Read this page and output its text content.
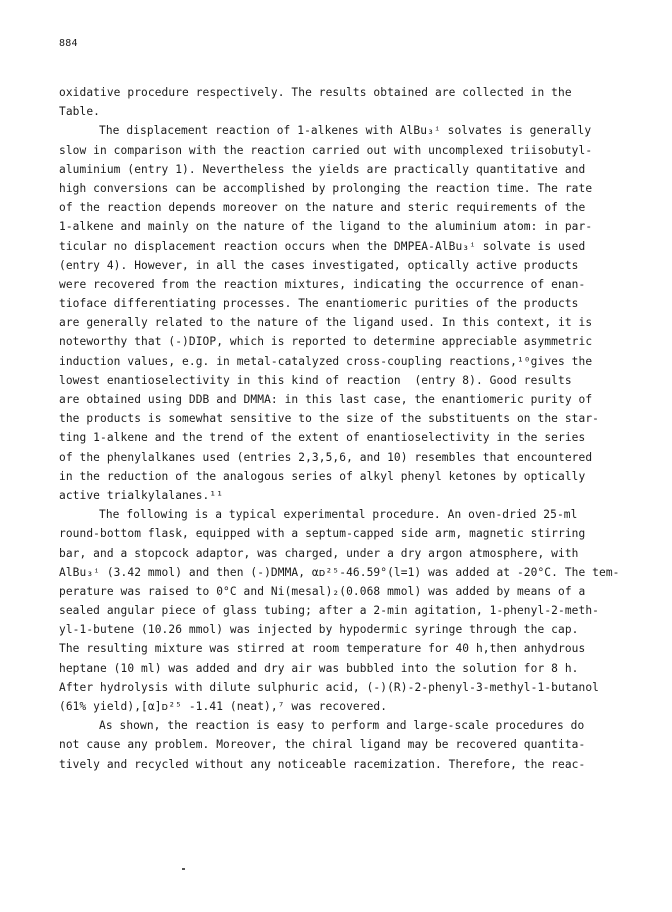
884
oxidative procedure respectively. The results obtained are collected in the
Table.
The displacement reaction of 1-alkenes with AlBu₃ⁱ solvates is generally
slow in comparison with the reaction carried out with uncomplexed triisobutyl-
aluminium (entry 1). Nevertheless the yields are practically quantitative and
high conversions can be accomplished by prolonging the reaction time. The rate
of the reaction depends moreover on the nature and steric requirements of the
1-alkene and mainly on the nature of the ligand to the aluminium atom: in par-
ticular no displacement reaction occurs when the DMPEA-AlBu₃ⁱ solvate is used
(entry 4). However, in all the cases investigated, optically active products
were recovered from the reaction mixtures, indicating the occurrence of enan-
tioface differentiating processes. The enantiomeric purities of the products
are generally related to the nature of the ligand used. In this context, it is
noteworthy that (-)DIOP, which is reported to determine appreciable asymmetric
induction values, e.g. in metal-catalyzed cross-coupling reactions,¹⁰gives the
lowest enantioselectivity in this kind of reaction  (entry 8). Good results
are obtained using DDB and DMMA: in this last case, the enantiomeric purity of
the products is somewhat sensitive to the size of the substituents on the star-
ting 1-alkene and the trend of the extent of enantioselectivity in the series
of the phenylalkanes used (entries 2,3,5,6, and 10) resembles that encountered
in the reduction of the analogous series of alkyl phenyl ketones by optically
active trialkylalanes.¹¹
The following is a typical experimental procedure. An oven-dried 25-ml
round-bottom flask, equipped with a septum-capped side arm, magnetic stirring
bar, and a stopcock adaptor, was charged, under a dry argon atmosphere, with
AlBu₃ⁱ (3.42 mmol) and then (-)DMMA, αᴅ²⁵-46.59°(l=1) was added at -20°C. The tem-
perature was raised to 0°C and Ni(mesal)₂(0.068 mmol) was added by means of a
sealed angular piece of glass tubing; after a 2-min agitation, 1-phenyl-2-meth-
yl-1-butene (10.26 mmol) was injected by hypodermic syringe through the cap.
The resulting mixture was stirred at room temperature for 40 h,then anhydrous
heptane (10 ml) was added and dry air was bubbled into the solution for 8 h.
After hydrolysis with dilute sulphuric acid, (-)(R)-2-phenyl-3-methyl-1-butanol
(61% yield),[α]ᴅ²⁵ -1.41 (neat),⁷ was recovered.
As shown, the reaction is easy to perform and large-scale procedures do
not cause any problem. Moreover, the chiral ligand may be recovered quantita-
tively and recycled without any noticeable racemization. Therefore, the reac-
